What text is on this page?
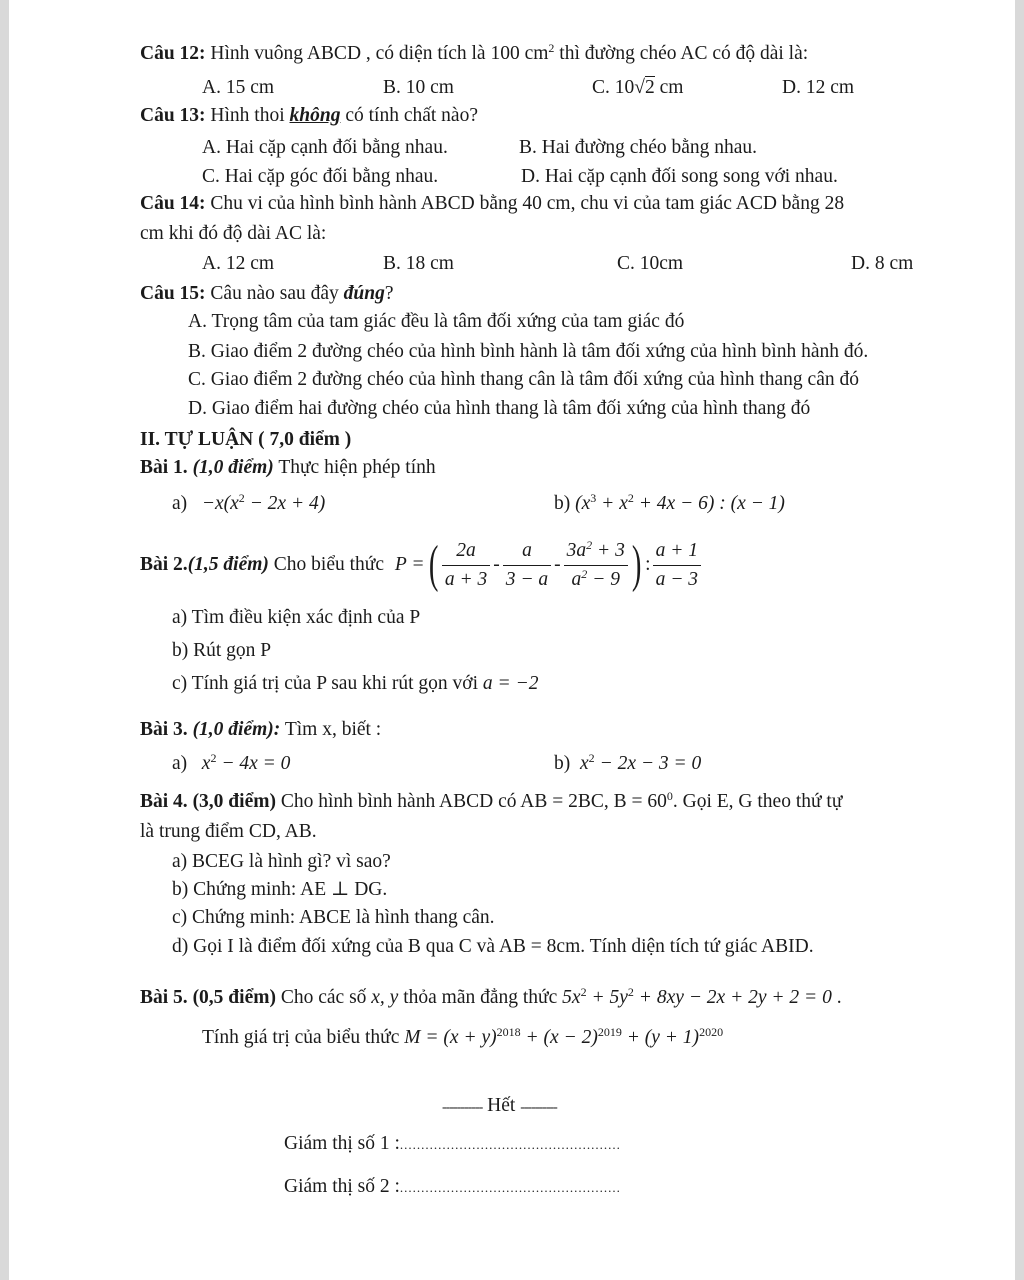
Câu 12: Hình vuông ABCD , có diện tích là 100 $cm^2$ thì đường chéo AC có độ dài là:
A. 15 cm	B. 10 cm	C. 10√2 cm	D. 12 cm
Câu 13: Hình thoi không có tính chất nào?
A. Hai cặp cạnh đối bằng nhau.	B. Hai đường chéo bằng nhau.
C. Hai cặp góc đối bằng nhau.	D. Hai cặp cạnh đối song song với nhau.
Câu 14: Chu vi của hình bình hành ABCD bằng 40 cm, chu vi của tam giác ACD bằng 28
cm khi đó độ dài AC là:
A. 12 cm	B. 18 cm	C. 10cm	D. 8 cm
Câu 15: Câu nào sau đây đúng?
A. Trọng tâm của tam giác đều là tâm đối xứng của tam giác đó
B. Giao điểm 2 đường chéo của hình bình hành là tâm đối xứng của hình bình hành đó.
C. Giao điểm 2 đường chéo của hình thang cân là tâm đối xứng của hình thang cân đó
D. Giao điểm hai đường chéo của hình thang là tâm đối xứng của hình thang đó
II. TỰ LUẬN ( 7,0 điểm )
Bài 1. (1,0 điểm) Thực hiện phép tính
$a) -x(x^2 - 2x + 4)$	b) $(x^3 + x^2 + 4x - 6)$ : (x − 1)
Bài 2. (1,5 điểm) Cho biểu thức P = ( $\frac{2a}{a + 3} - \frac{a}{3 - a} - \frac{3a^2 + 3}{a^2 - 9}$ ) : $\frac{a + 1}{a - 3}$
a) Tìm điều kiện xác định của P
b) Rút gọn P
c) Tính giá trị của P sau khi rút gọn với a = −2
Bài 3. (1,0 điểm): Tìm x, biết :
a) $x^2 - 4x = 0$	b) $x^2 - 2x - 3 = 0$
Bài 4. (3,0 điểm) Cho hình bình hành ABCD có AB = 2BC, $B = 60^0$. Gọi E, G theo thứ tự
là trung điểm CD, AB.
a) BCEG là hình gì? vì sao?
b) Chứng minh: AE ⊥ DG.
c) Chứng minh: ABCE là hình thang cân.
d) Gọi I là điểm đối xứng của B qua C và AB = 8cm. Tính diện tích tứ giác ABID.
Bài 5. (0,5 điểm) Cho các số x, y thỏa mãn đẳng thức $5x^2 + 5y^2 + 8xy - 2x + 2y + 2 = 0$ .
Tính giá trị của biểu thức $M = (x + y)^{2018} + (x - 2)^{2019} + (y + 1)^{2020}$
----------- Hết ----------
Giám thị số 1 :....................................................
Giám thị số 2 :....................................................
